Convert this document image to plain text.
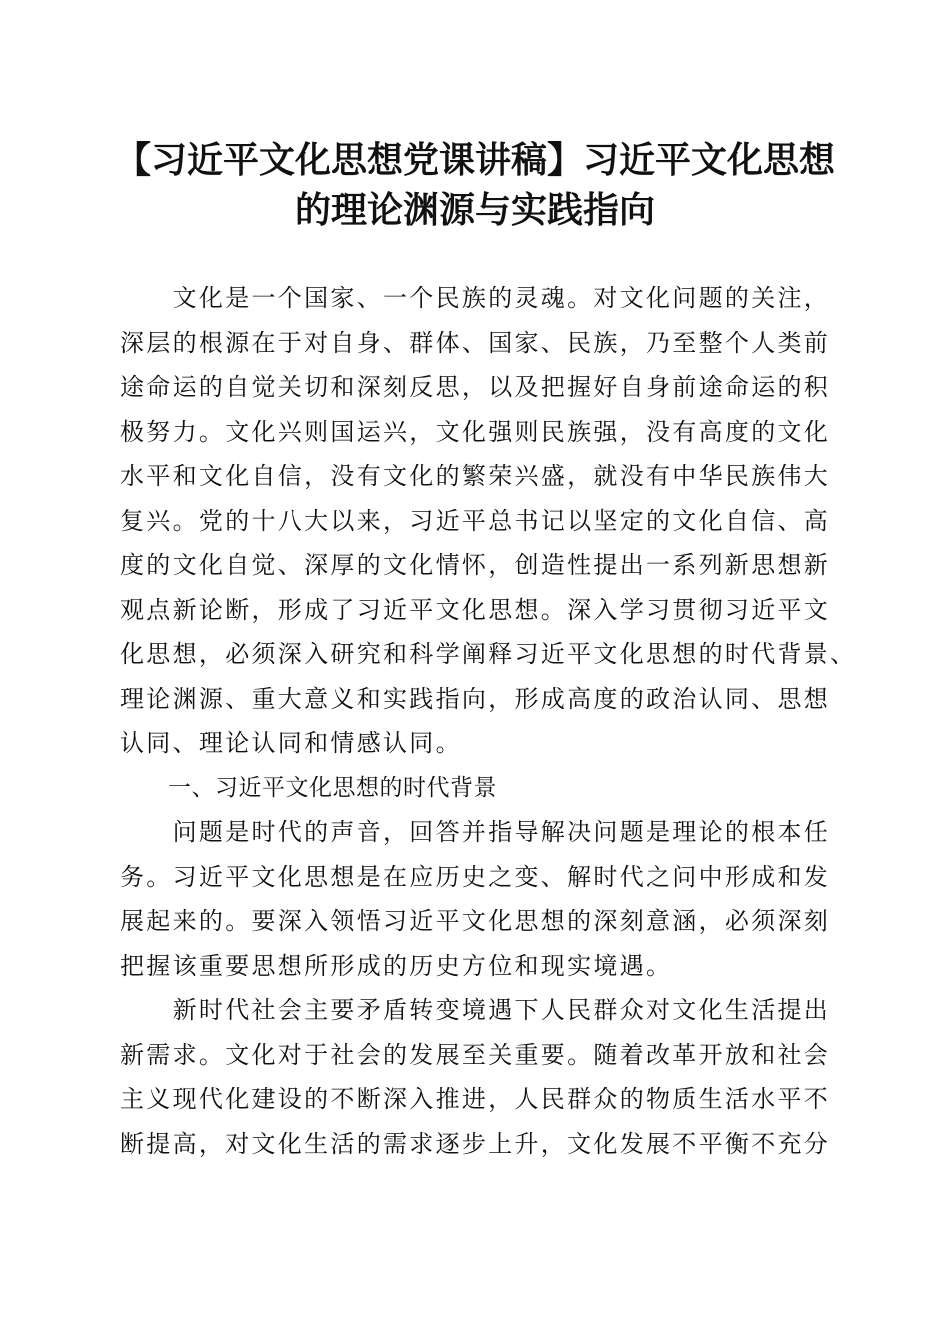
【习近平文化思想党课讲稿】习近平文化思想
的理论渊源与实践指向

　　文化是一个国家、一个民族的灵魂。对文化问题的关注，
深层的根源在于对自身、群体、国家、民族，乃至整个人类前
途命运的自觉关切和深刻反思，以及把握好自身前途命运的积
极努力。文化兴则国运兴，文化强则民族强，没有高度的文化
水平和文化自信，没有文化的繁荣兴盛，就没有中华民族伟大
复兴。党的十八大以来，习近平总书记以坚定的文化自信、高
度的文化自觉、深厚的文化情怀，创造性提出一系列新思想新
观点新论断，形成了习近平文化思想。深入学习贯彻习近平文
化思想，必须深入研究和科学阐释习近平文化思想的时代背景、
理论渊源、重大意义和实践指向，形成高度的政治认同、思想
认同、理论认同和情感认同。

一、习近平文化思想的时代背景

　　问题是时代的声音，回答并指导解决问题是理论的根本任
务。习近平文化思想是在应历史之变、解时代之问中形成和发
展起来的。要深入领悟习近平文化思想的深刻意涵，必须深刻
把握该重要思想所形成的历史方位和现实境遇。

　　新时代社会主要矛盾转变境遇下人民群众对文化生活提出
新需求。文化对于社会的发展至关重要。随着改革开放和社会
主义现代化建设的不断深入推进，人民群众的物质生活水平不
断提高，对文化生活的需求逐步上升，文化发展不平衡不充分
